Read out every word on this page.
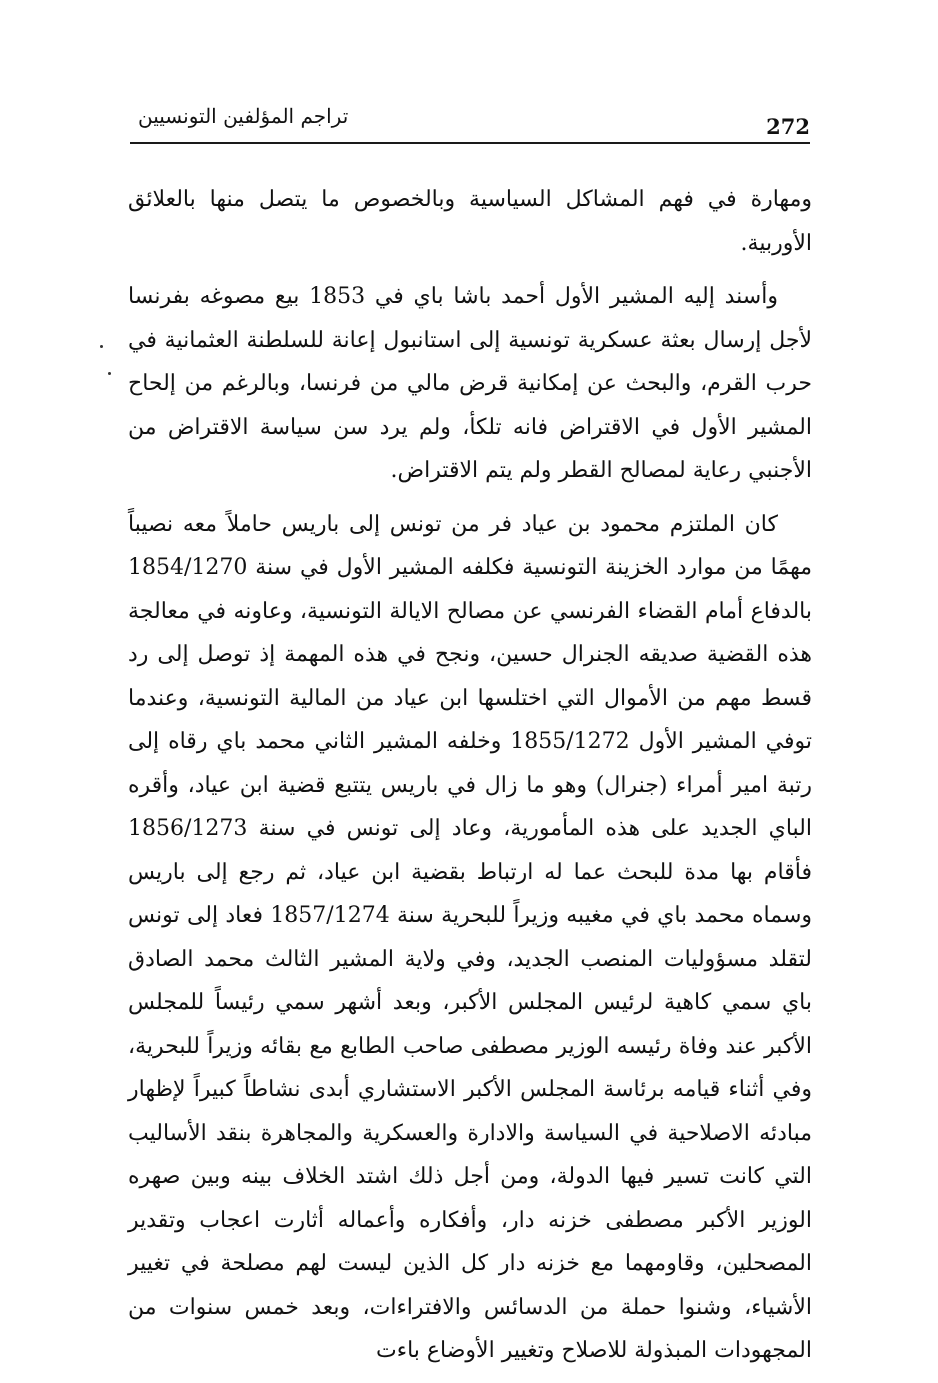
272
تراجم المؤلفين التونسيين

ومهارة في فهم المشاكل السياسية وبالخصوص ما يتصل منها بالعلائق الأوربية.

وأسند إليه المشير الأول أحمد باشا باي في 1853 بيع مصوغه بفرنسا لأجل إرسال بعثة عسكرية تونسية إلى استانبول إعانة للسلطنة العثمانية في حرب القرم، والبحث عن إمكانية قرض مالي من فرنسا، وبالرغم من إلحاح المشير الأول في الاقتراض فانه تلكأ، ولم يرد سن سياسة الاقتراض من الأجنبي رعاية لمصالح القطر ولم يتم الاقتراض.

كان الملتزم محمود بن عياد فر من تونس إلى باريس حاملاً معه نصيباً مهمًا من موارد الخزينة التونسية فكلفه المشير الأول في سنة 1854/1270 بالدفاع أمام القضاء الفرنسي عن مصالح الايالة التونسية، وعاونه في معالجة هذه القضية صديقه الجنرال حسين، ونجح في هذه المهمة إذ توصل إلى رد قسط مهم من الأموال التي اختلسها ابن عياد من المالية التونسية، وعندما توفي المشير الأول 1855/1272 وخلفه المشير الثاني محمد باي رقاه إلى رتبة امير أمراء (جنرال) وهو ما زال في باريس يتتبع قضية ابن عياد، وأقره الباي الجديد على هذه المأمورية، وعاد إلى تونس في سنة 1856/1273 فأقام بها مدة للبحث عما له ارتباط بقضية ابن عياد، ثم رجع إلى باريس وسماه محمد باي في مغيبه وزيراً للبحرية سنة 1857/1274 فعاد إلى تونس لتقلد مسؤوليات المنصب الجديد، وفي ولاية المشير الثالث محمد الصادق باي سمي كاهية لرئيس المجلس الأكبر، وبعد أشهر سمي رئيساً للمجلس الأكبر عند وفاة رئيسه الوزير مصطفى صاحب الطابع مع بقائه وزيراً للبحرية، وفي أثناء قيامه برئاسة المجلس الأكبر الاستشاري أبدى نشاطاً كبيراً لإظهار مبادئه الاصلاحية في السياسة والادارة والعسكرية والمجاهرة بنقد الأساليب التي كانت تسير فيها الدولة، ومن أجل ذلك اشتد الخلاف بينه وبين صهره الوزير الأكبر مصطفى خزنه دار، وأفكاره وأعماله أثارت اعجاب وتقدير المصحلين، وقاومهما مع خزنه دار كل الذين ليست لهم مصلحة في تغيير الأشياء، وشنوا حملة من الدسائس والافتراءات، وبعد خمس سنوات من المجهودات المبذولة للاصلاح وتغيير الأوضاع باءت
